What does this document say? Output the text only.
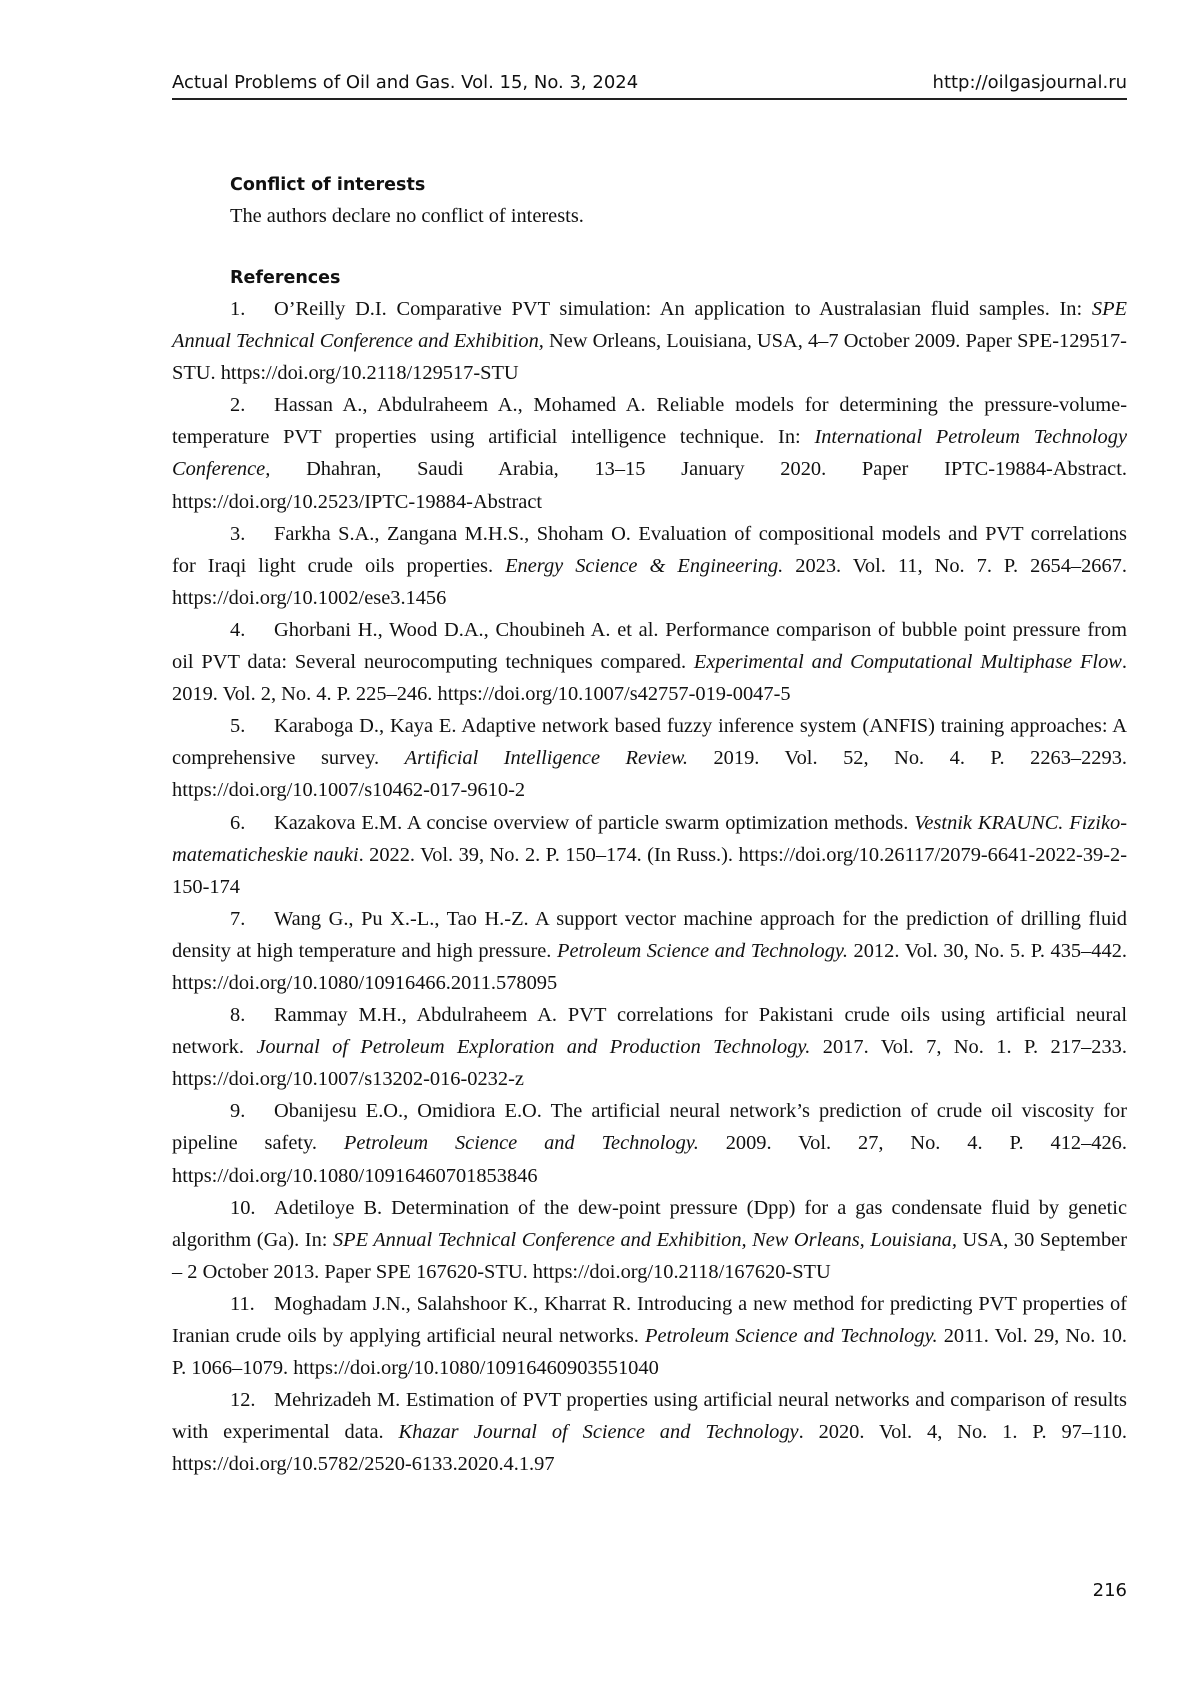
Actual Problems of Oil and Gas. Vol. 15, No. 3, 2024	http://oilgasjournal.ru
Conflict of interests

The authors declare no conflict of interests.

References

1. O’Reilly D.I. Comparative PVT simulation: An application to Australasian fluid samples. In: SPE Annual Technical Conference and Exhibition, New Orleans, Louisiana, USA, 4–7 October 2009. Paper SPE-129517-STU. https://doi.org/10.2118/129517-STU

2. Hassan A., Abdulraheem A., Mohamed A. Reliable models for determining the pressure-volume-temperature PVT properties using artificial intelligence technique. In: International Petroleum Technology Conference, Dhahran, Saudi Arabia, 13–15 January 2020. Paper IPTC-19884-Abstract. https://doi.org/10.2523/IPTC-19884-Abstract

3. Farkha S.A., Zangana M.H.S., Shoham O. Evaluation of compositional models and PVT correlations for Iraqi light crude oils properties. Energy Science & Engineering. 2023. Vol. 11, No. 7. P. 2654–2667. https://doi.org/10.1002/ese3.1456

4. Ghorbani H., Wood D.A., Choubineh A. et al. Performance comparison of bubble point pressure from oil PVT data: Several neurocomputing techniques compared. Experimental and Computational Multiphase Flow. 2019. Vol. 2, No. 4. P. 225–246. https://doi.org/10.1007/s42757-019-0047-5

5. Karaboga D., Kaya E. Adaptive network based fuzzy inference system (ANFIS) training approaches: A comprehensive survey. Artificial Intelligence Review. 2019. Vol. 52, No. 4. P. 2263–2293. https://doi.org/10.1007/s10462-017-9610-2

6. Kazakova E.M. A concise overview of particle swarm optimization methods. Vestnik KRAUNC. Fiziko-matematicheskie nauki. 2022. Vol. 39, No. 2. P. 150–174. (In Russ.). https://doi.org/10.26117/2079-6641-2022-39-2-150-174

7. Wang G., Pu X.-L., Tao H.-Z. A support vector machine approach for the prediction of drilling fluid density at high temperature and high pressure. Petroleum Science and Technology. 2012. Vol. 30, No. 5. P. 435–442. https://doi.org/10.1080/10916466.2011.578095

8. Rammay M.H., Abdulraheem A. PVT correlations for Pakistani crude oils using artificial neural network. Journal of Petroleum Exploration and Production Technology. 2017. Vol. 7, No. 1. P. 217–233. https://doi.org/10.1007/s13202-016-0232-z

9. Obanijesu E.O., Omidiora E.O. The artificial neural network’s prediction of crude oil viscosity for pipeline safety. Petroleum Science and Technology. 2009. Vol. 27, No. 4. P. 412–426. https://doi.org/10.1080/10916460701853846

10. Adetiloye B. Determination of the dew-point pressure (Dpp) for a gas condensate fluid by genetic algorithm (Ga). In: SPE Annual Technical Conference and Exhibition, New Orleans, Louisiana, USA, 30 September – 2 October 2013. Paper SPE 167620-STU. https://doi.org/10.2118/167620-STU

11. Moghadam J.N., Salahshoor K., Kharrat R. Introducing a new method for predicting PVT properties of Iranian crude oils by applying artificial neural networks. Petroleum Science and Technology. 2011. Vol. 29, No. 10. P. 1066–1079. https://doi.org/10.1080/10916460903551040

12. Mehrizadeh M. Estimation of PVT properties using artificial neural networks and comparison of results with experimental data. Khazar Journal of Science and Technology. 2020. Vol. 4, No. 1. P. 97–110. https://doi.org/10.5782/2520-6133.2020.4.1.97

216
